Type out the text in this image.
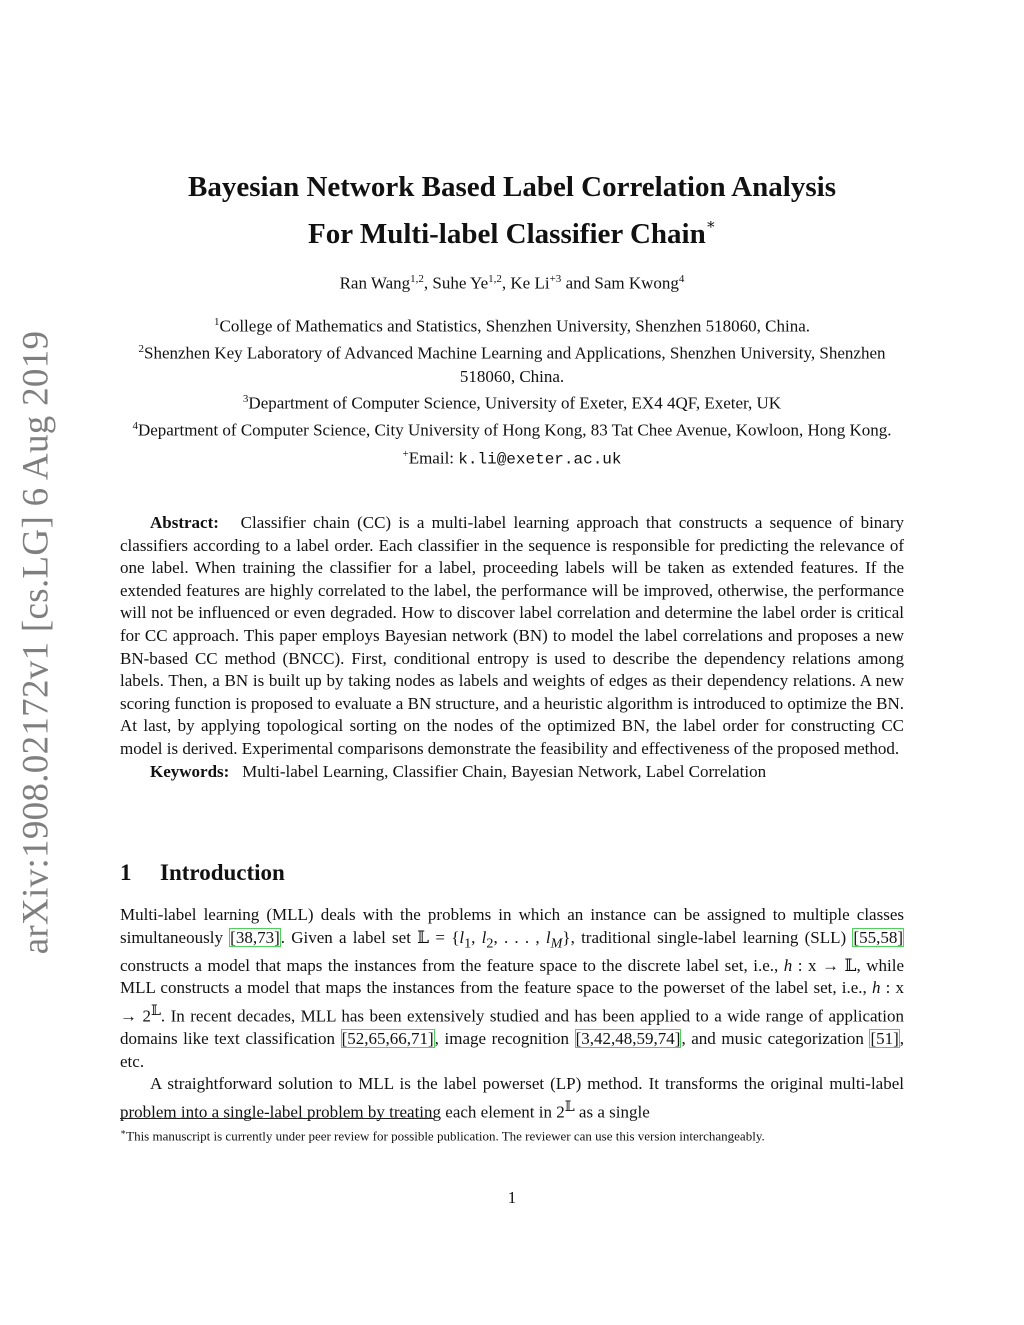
arXiv:1908.02172v1 [cs.LG] 6 Aug 2019
Bayesian Network Based Label Correlation Analysis
For Multi-label Classifier Chain∗
Ran Wang$^{1,2}$, Suhe Ye$^{1,2}$, Ke $Li^{+3}$ and Sam Kwong$^4$
$^1$College of Mathematics and Statistics, Shenzhen University, Shenzhen 518060, China.
$^2$Shenzhen Key Laboratory of Advanced Machine Learning and Applications, Shenzhen University, Shenzhen 518060, China.
$^3$Department of Computer Science, University of Exeter, EX4 4QF, Exeter, UK
$^4$Department of Computer Science, City University of Hong Kong, 83 Tat Chee Avenue, Kowloon, Hong Kong.
+Email: k.li@exeter.ac.uk

Abstract: Classifier chain (CC) is a multi-label learning approach that constructs a sequence of binary classifiers according to a label order. Each classifier in the sequence is responsible for predicting the relevance of one label. When training the classifier for a label, proceeding labels will be taken as extended features. If the extended features are highly correlated to the label, the performance will be improved, otherwise, the performance will not be influenced or even degraded. How to discover label correlation and determine the label order is critical for CC approach. This paper employs Bayesian network (BN) to model the label correlations and proposes a new BN-based CC method (BNCC). First, conditional entropy is used to describe the dependency relations among labels. Then, a BN is built up by taking nodes as labels and weights of edges as their dependency relations. A new scoring function is proposed to evaluate a BN structure, and a heuristic algorithm is introduced to optimize the BN. At last, by applying topological sorting on the nodes of the optimized BN, the label order for constructing CC model is derived. Experimental comparisons demonstrate the feasibility and effectiveness of the proposed method.

Keywords: Multi-label Learning, Classifier Chain, Bayesian Network, Label Correlation

1 Introduction

Multi-label learning (MLL) deals with the problems in which an instance can be assigned to multiple classes simultaneously [38,73]. Given a label set 𝕃 = {$l_1$, $l_2$, . . . , $l_M$}, traditional single-label learning (SLL) [55,58] constructs a model that maps the instances from the feature space to the discrete label set, i.e., h : x → 𝕃, while MLL constructs a model that maps the instances from the feature space to the powerset of the label set, i.e., h : $x \to 2^𝕃$. In recent decades, MLL has been extensively studied and has been applied to a wide range of application domains like text classification [52,65,66,71], image recognition [3,42,48,59,74], and music categorization [51], etc.

A straightforward solution to MLL is the label powerset (LP) method. It transforms the original multi-label problem into a single-label problem by treating each element in $2^𝕃$ as a single

∗This manuscript is currently under peer review for possible publication. The reviewer can use this version interchangeably.
1
